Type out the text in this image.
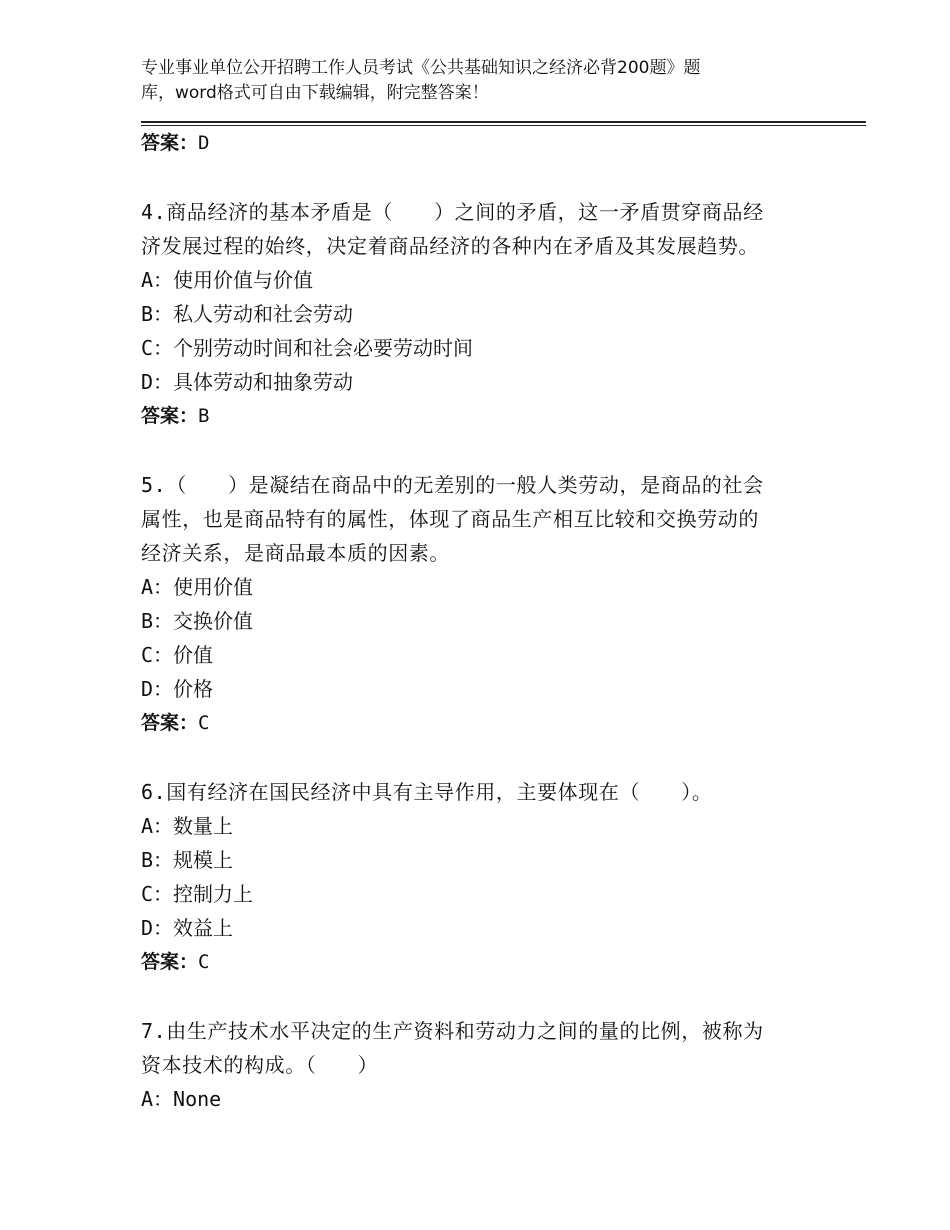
专业事业单位公开招聘工作人员考试《公共基础知识之经济必背200题》题
库，word格式可自由下载编辑，附完整答案！
答案：D
4.商品经济的基本矛盾是（　　）之间的矛盾，这一矛盾贯穿商品经
济发展过程的始终，决定着商品经济的各种内在矛盾及其发展趋势。
A：使用价值与价值
B：私人劳动和社会劳动
C：个别劳动时间和社会必要劳动时间
D：具体劳动和抽象劳动
答案：B
5.（　　）是凝结在商品中的无差别的一般人类劳动，是商品的社会
属性，也是商品特有的属性，体现了商品生产相互比较和交换劳动的
经济关系，是商品最本质的因素。
A：使用价值
B：交换价值
C：价值
D：价格
答案：C
6.国有经济在国民经济中具有主导作用，主要体现在（　　）。
A：数量上
B：规模上
C：控制力上
D：效益上
答案：C
7.由生产技术水平决定的生产资料和劳动力之间的量的比例，被称为
资本技术的构成。（　　）
A：None
